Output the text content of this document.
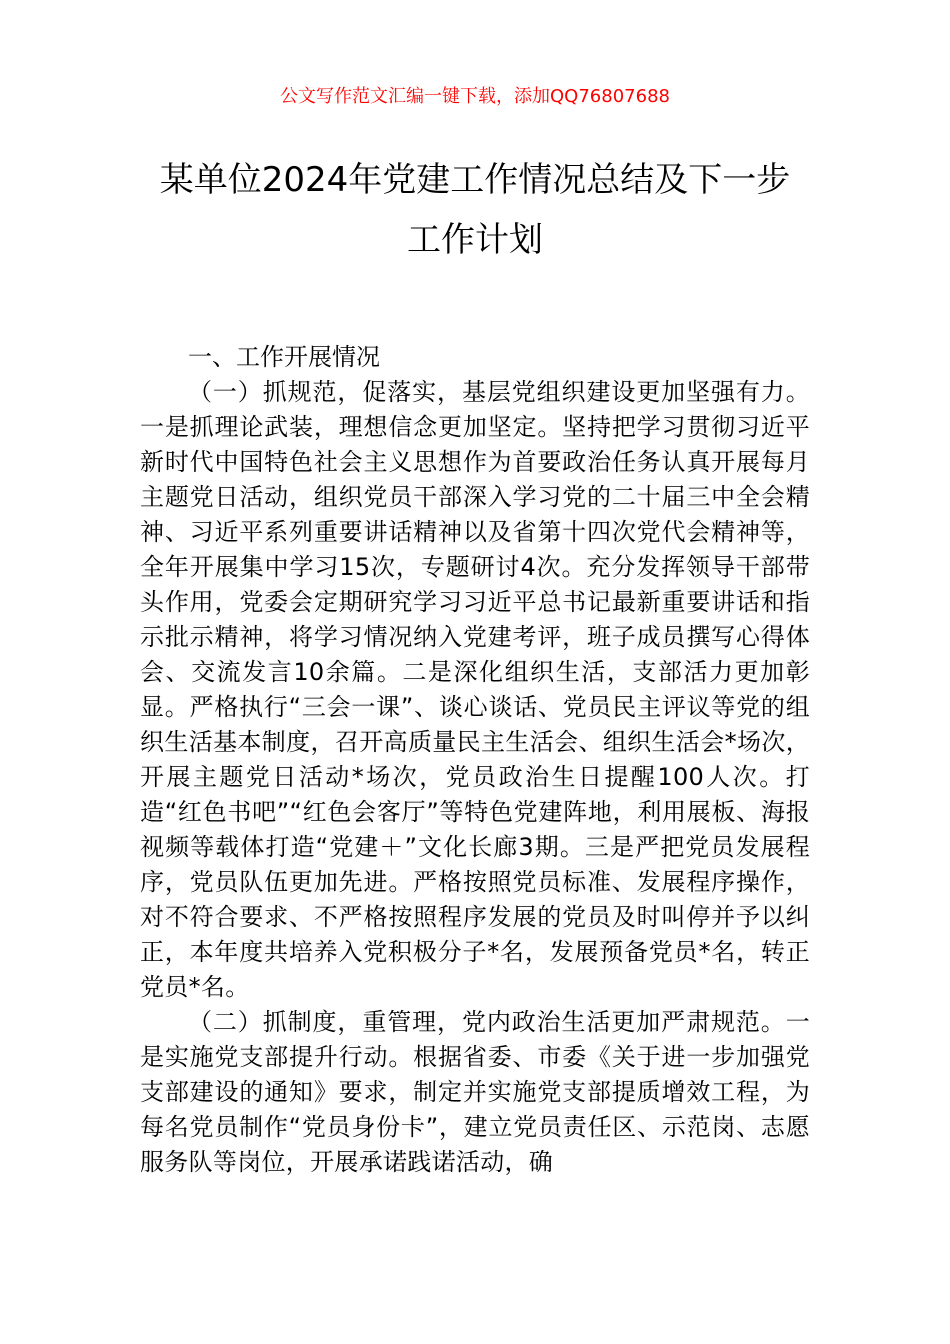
公文写作范文汇编一键下载，添加QQ76807688
某单位2024年党建工作情况总结及下一步
工作计划

一、工作开展情况

（一）抓规范，促落实，基层党组织建设更加坚强有力。一是抓理论武装，理想信念更加坚定。坚持把学习贯彻习近平新时代中国特色社会主义思想作为首要政治任务认真开展每月主题党日活动，组织党员干部深入学习党的二十届三中全会精神、习近平系列重要讲话精神以及省第十四次党代会精神等，全年开展集中学习15次，专题研讨4次。充分发挥领导干部带头作用，党委会定期研究学习习近平总书记最新重要讲话和指示批示精神，将学习情况纳入党建考评，班子成员撰写心得体会、交流发言10余篇。二是深化组织生活，支部活力更加彰显。严格执行“三会一课”、谈心谈话、党员民主评议等党的组织生活基本制度，召开高质量民主生活会、组织生活会*场次，开展主题党日活动*场次，党员政治生日提醒100人次。打造“红色书吧”“红色会客厅”等特色党建阵地，利用展板、海报视频等载体打造“党建＋”文化长廊3期。三是严把党员发展程序，党员队伍更加先进。严格按照党员标准、发展程序操作，对不符合要求、不严格按照程序发展的党员及时叫停并予以纠正，本年度共培养入党积极分子*名，发展预备党员*名，转正党员*名。

（二）抓制度，重管理，党内政治生活更加严肃规范。一是实施党支部提升行动。根据省委、市委《关于进一步加强党支部建设的通知》要求，制定并实施党支部提质增效工程，为每名党员制作“党员身份卡”，建立党员责任区、示范岗、志愿服务队等岗位，开展承诺践诺活动，确
